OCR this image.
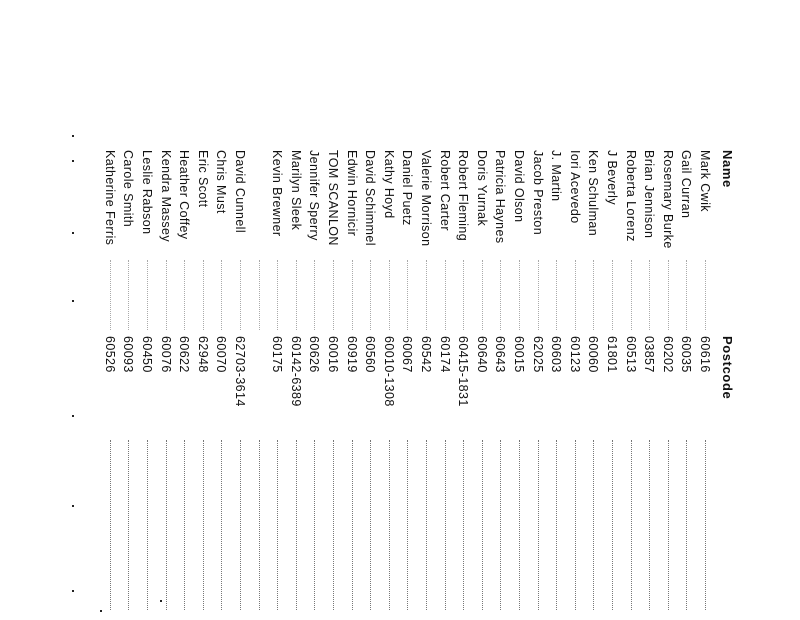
Name
Postcode
Mark Cwik
60616
Gail Curran
60035
Rosemary Burke
60202
Brian Jennison
03857
Roberta Lorenz
60513
J Beverly
61801
Ken Schulman
60060
Iori Acevedo
60123
J. Martin
60603
Jacob Preston
62025
David Olson
60015
Patricia Haynes
60643
Doris Yurnak
60640
Robert Fleming
60415-1831
Robert Carter
60174
Valerie Morrison
60542
Daniel Puetz
60067
Kathy Hoyd
60010-1308
David Schimmel
60560
Edwin Hornicir
60919
TOM SCANLON
60016
Jennifer Sperry
60626
Marilyn Sleek
60142-6389
Kevin Brewner
60175
David Cunnell
62703-3614
Chris Must
60070
Eric Scott
62948
Heather Coffey
60622
Kendra Massey
60076
Leslie Rabson
60450
Carole Smith
60093
Katherine Ferris
60526
